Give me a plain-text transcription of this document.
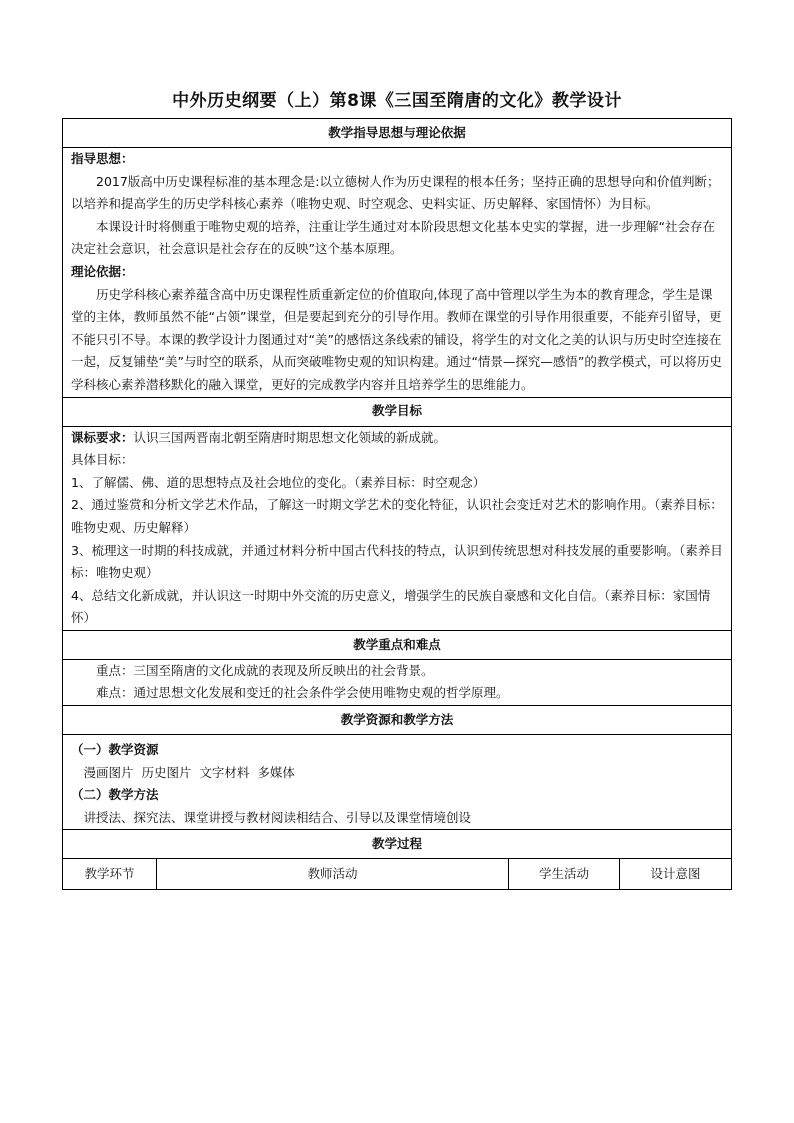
中外历史纲要（上）第8课《三国至隋唐的文化》教学设计
教学指导思想与理论依据

指导思想：

2017版高中历史课程标准的基本理念是:以立德树人作为历史课程的根本任务；坚持正确的思想导向和价值判断；以培养和提高学生的历史学科核心素养（唯物史观、时空观念、史料实证、历史解释、家国情怀）为目标。

本课设计时将侧重于唯物史观的培养，注重让学生通过对本阶段思想文化基本史实的掌握，进一步理解“社会存在决定社会意识，社会意识是社会存在的反映”这个基本原理。

理论依据：

历史学科核心素养蕴含高中历史课程性质重新定位的价值取向,体现了高中管理以学生为本的教育理念，学生是课堂的主体，教师虽然不能“占领”课堂，但是要起到充分的引导作用。教师在课堂的引导作用很重要，不能弃引留导，更不能只引不导。本课的教学设计力图通过对“美”的感悟这条线索的铺设，将学生的对文化之美的认识与历史时空连接在一起，反复铺垫“美”与时空的联系，从而突破唯物史观的知识构建。通过“情景—探究—感悟”的教学模式，可以将历史学科核心素养潜移默化的融入课堂，更好的完成教学内容并且培养学生的思维能力。

教学目标

课标要求：认识三国两晋南北朝至隋唐时期思想文化领域的新成就。

具体目标：

1、了解儒、佛、道的思想特点及社会地位的变化。（素养目标：时空观念）

2、通过鉴赏和分析文学艺术作品，了解这一时期文学艺术的变化特征，认识社会变迁对艺术的影响作用。（素养目标：唯物史观、历史解释）

3、梳理这一时期的科技成就，并通过材料分析中国古代科技的特点，认识到传统思想对科技发展的重要影响。（素养目标：唯物史观）

4、总结文化新成就，并认识这一时期中外交流的历史意义，增强学生的民族自豪感和文化自信。（素养目标：家国情怀）

教学重点和难点

重点：三国至隋唐的文化成就的表现及所反映出的社会背景。

难点：通过思想文化发展和变迁的社会条件学会使用唯物史观的哲学原理。

教学资源和教学方法

（一）教学资源

漫画图片  历史图片  文字材料  多媒体

（二）教学方法

讲授法、探究法、课堂讲授与教材阅读相结合、引导以及课堂情境创设

教学过程
教学环节	教师活动	学生活动	设计意图
